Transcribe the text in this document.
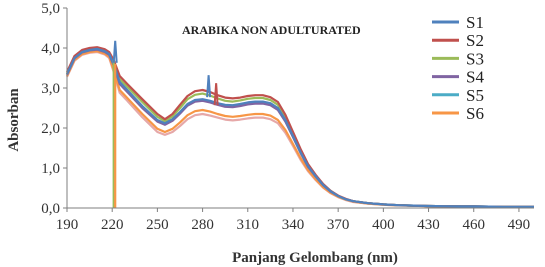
0,0
1,0
2,0
3,0
4,0
5,0
190 220 250 280 310 340 370 400 430 460 490
ARABIKA NON ADULTURATED	S1
S2
S3
S4
S5
S6
Panjang Gelombang (nm)
Absorban
